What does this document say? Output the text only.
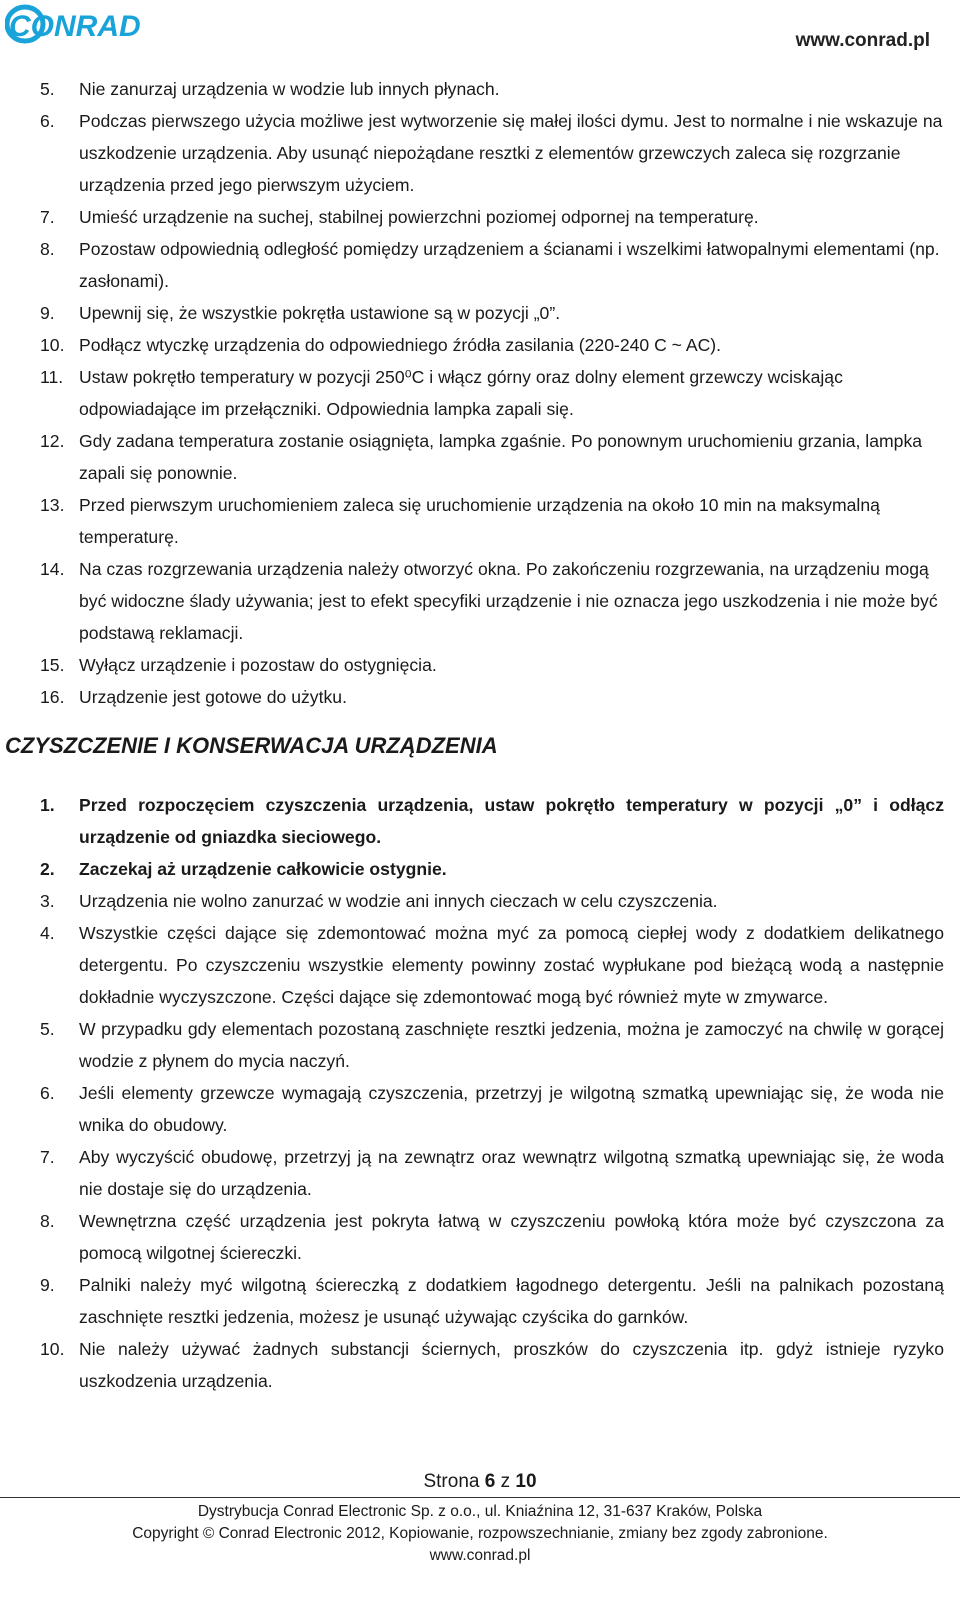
CONRAD	www.conrad.pl
5. Nie zanurzaj urządzenia w wodzie lub innych płynach.
6. Podczas pierwszego użycia możliwe jest wytworzenie się małej ilości dymu. Jest to normalne i nie wskazuje na uszkodzenie urządzenia. Aby usunąć niepożądane resztki z elementów grzewczych zaleca się rozgrzanie urządzenia przed jego pierwszym użyciem.
7. Umieść urządzenie na suchej, stabilnej powierzchni poziomej odpornej na temperaturę.
8. Pozostaw odpowiednią odległość pomiędzy urządzeniem a ścianami i wszelkimi łatwopalnymi elementami (np. zasłonami).
9. Upewnij się, że wszystkie pokrętła ustawione są w pozycji „0”.
10. Podłącz wtyczkę urządzenia do odpowiedniego źródła zasilania (220-240 C ~ AC).
11. Ustaw pokrętło temperatury w pozycji 250⁰C i włącz górny oraz dolny element grzewczy wciskając odpowiadające im przełączniki. Odpowiednia lampka zapali się.
12. Gdy zadana temperatura zostanie osiągnięta, lampka zgaśnie. Po ponownym uruchomieniu grzania, lampka zapali się ponownie.
13. Przed pierwszym uruchomieniem zaleca się uruchomienie urządzenia na około 10 min na maksymalną temperaturę.
14. Na czas rozgrzewania urządzenia należy otworzyć okna. Po zakończeniu rozgrzewania, na urządzeniu mogą być widoczne ślady używania; jest to efekt specyfiki urządzenie i nie oznacza jego uszkodzenia i nie może być podstawą reklamacji.
15. Wyłącz urządzenie i pozostaw do ostygnięcia.
16. Urządzenie jest gotowe do użytku.
CZYSZCZENIE I KONSERWACJA URZĄDZENIA
1. Przed rozpoczęciem czyszczenia urządzenia, ustaw pokrętło temperatury w pozycji „0” i odłącz urządzenie od gniazdka sieciowego.
2. Zaczekaj aż urządzenie całkowicie ostygnie.
3. Urządzenia nie wolno zanurzać w wodzie ani innych cieczach w celu czyszczenia.
4. Wszystkie części dające się zdemontować można myć za pomocą ciepłej wody z dodatkiem delikatnego detergentu. Po czyszczeniu wszystkie elementy powinny zostać wypłukane pod bieżącą wodą a następnie dokładnie wyczyszczone. Części dające się zdemontować mogą być również myte w zmywarce.
5. W przypadku gdy elementach pozostaną zaschnięte resztki jedzenia, można je zamoczyć na chwilę w gorącej wodzie z płynem do mycia naczyń.
6. Jeśli elementy grzewcze wymagają czyszczenia, przetrzyj je wilgotną szmatką upewniając się, że woda nie wnika do obudowy.
7. Aby wyczyścić obudowę, przetrzyj ją na zewnątrz oraz wewnątrz wilgotną szmatką upewniając się, że woda nie dostaje się do urządzenia.
8. Wewnętrzna część urządzenia jest pokryta łatwą w czyszczeniu powłoką która może być czyszczona za pomocą wilgotnej ściereczki.
9. Palniki należy myć wilgotną ściereczką z dodatkiem łagodnego detergentu. Jeśli na palnikach pozostaną zaschnięte resztki jedzenia, możesz je usunąć używając czyścika do garnków.
10. Nie należy używać żadnych substancji ściernych, proszków do czyszczenia itp. gdyż istnieje ryzyko uszkodzenia urządzenia.
Strona 6 z 10
Dystrybucja Conrad Electronic Sp. z o.o., ul. Kniaźnina 12, 31-637 Kraków, Polska
Copyright © Conrad Electronic 2012, Kopiowanie, rozpowszechnianie, zmiany bez zgody zabronione.
www.conrad.pl
